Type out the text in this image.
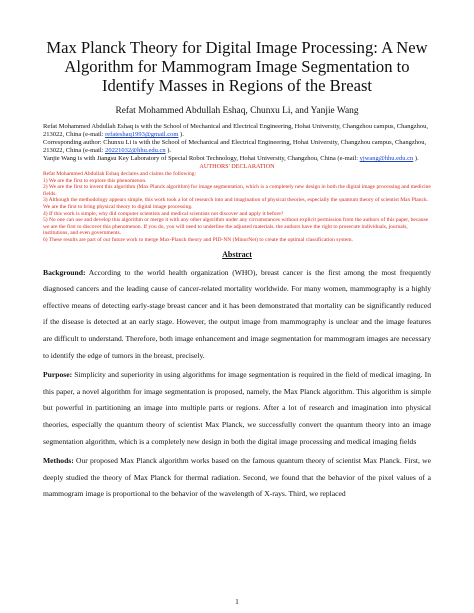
Max Planck Theory for Digital Image Processing: A New Algorithm for Mammogram Image Segmentation to Identify Masses in Regions of the Breast

Refat Mohammed Abdullah Eshaq, Chunxu Li, and Yanjie Wang

Refat Mohammed Abdullah Eshaq is with the School of Mechanical and Electrical Engineering, Hohai University, Changzhou campus, Changzhou, 213022, China (e-mail: refateshaq1993@gmail.com ).

Corresponding author: Chunxu Li is with the School of Mechanical and Electrical Engineering, Hohai University, Changzhou campus, Changzhou, 213022, China (e-mail: 20221032@hhu.edu.cn ).

Yanjie Wang is with Jiangsu Key Laboratory of Special Robot Technology, Hohai University, Changzhou, China (e-mail: yjwang@hhu.edu.cn ).

AUTHORS' DECLARATION

Refat Mohammed Abdullah Eshaq declares and claims the following:

1) We are the first to explore this phenomenon.

2) We are the first to invent this algorithm (Max Planck algorithm) for image segmentation, which is a completely new design in both the digital image processing and medicine fields.

3) Although the methodology appears simple, this work took a lot of research into and imagination of physical theories, especially the quantum theory of scientist Max Planck. We are the first to bring physical theory to digital image processing.

4) If this work is simple, why did computer scientists and medical scientists not discover and apply it before?

5) No one can use and develop this algorithm or merge it with any other algorithm under any circumstances without explicit permission from the authors of this paper, because we are the first to discover this phenomenon. If you do, you will need to underline the adjusted materials. the authors have the right to prosecute individuals, journals, institutions, and even governments.

6) These results are part of our future work to merge Max-Planck theory and PID-NN (MinorNet) to create the optimal classification system.

Abstract

Background: According to the world health organization (WHO), breast cancer is the first among the most frequently diagnosed cancers and the leading cause of cancer-related mortality worldwide. For many women, mammography is a highly effective means of detecting early-stage breast cancer and it has been demonstrated that mortality can be significantly reduced if the disease is detected at an early stage. However, the output image from mammography is unclear and the image features are difficult to understand. Therefore, both image enhancement and image segmentation for mammogram images are necessary to identify the edge of tumors in the breast, precisely.

Purpose: Simplicity and superiority in using algorithms for image segmentation is required in the field of medical imaging. In this paper, a novel algorithm for image segmentation is proposed, namely, the Max Planck algorithm. This algorithm is simple but powerful in partitioning an image into multiple parts or regions. After a lot of research and imagination into physical theories, especially the quantum theory of scientist Max Planck, we successfully convert the quantum theory into an image segmentation algorithm, which is a completely new design in both the digital image processing and medical imaging fields

Methods: Our proposed Max Planck algorithm works based on the famous quantum theory of scientist Max Planck. First, we deeply studied the theory of Max Planck for thermal radiation. Second, we found that the behavior of the pixel values of a mammogram image is proportional to the behavior of the wavelength of X-rays. Third, we replaced

1
